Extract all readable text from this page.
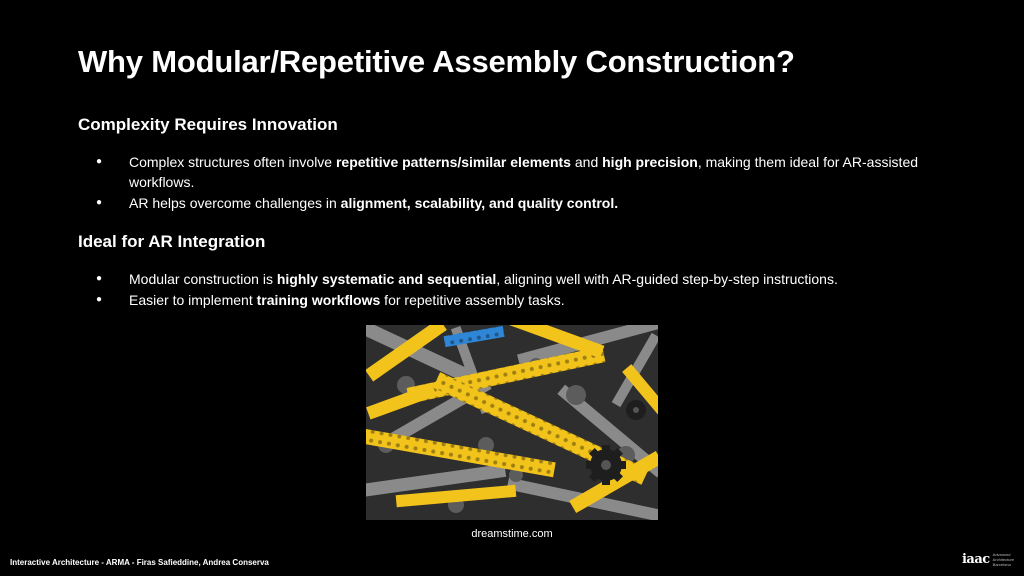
Why Modular/Repetitive Assembly Construction?
Complexity Requires Innovation
● Complex structures often involve repetitive patterns/similar elements and high precision, making them ideal for AR-assisted workflows.
● AR helps overcome challenges in alignment, scalability, and quality control.
Ideal for AR Integration
● Modular construction is highly systematic and sequential, aligning well with AR-guided step-by-step instructions.
● Easier to implement training workflows for repetitive assembly tasks.
dreamstime.com
Interactive Architecture - ARMA - Firas Safieddine, Andrea Conserva	iaac Advanced
Architecture
Barcelona
